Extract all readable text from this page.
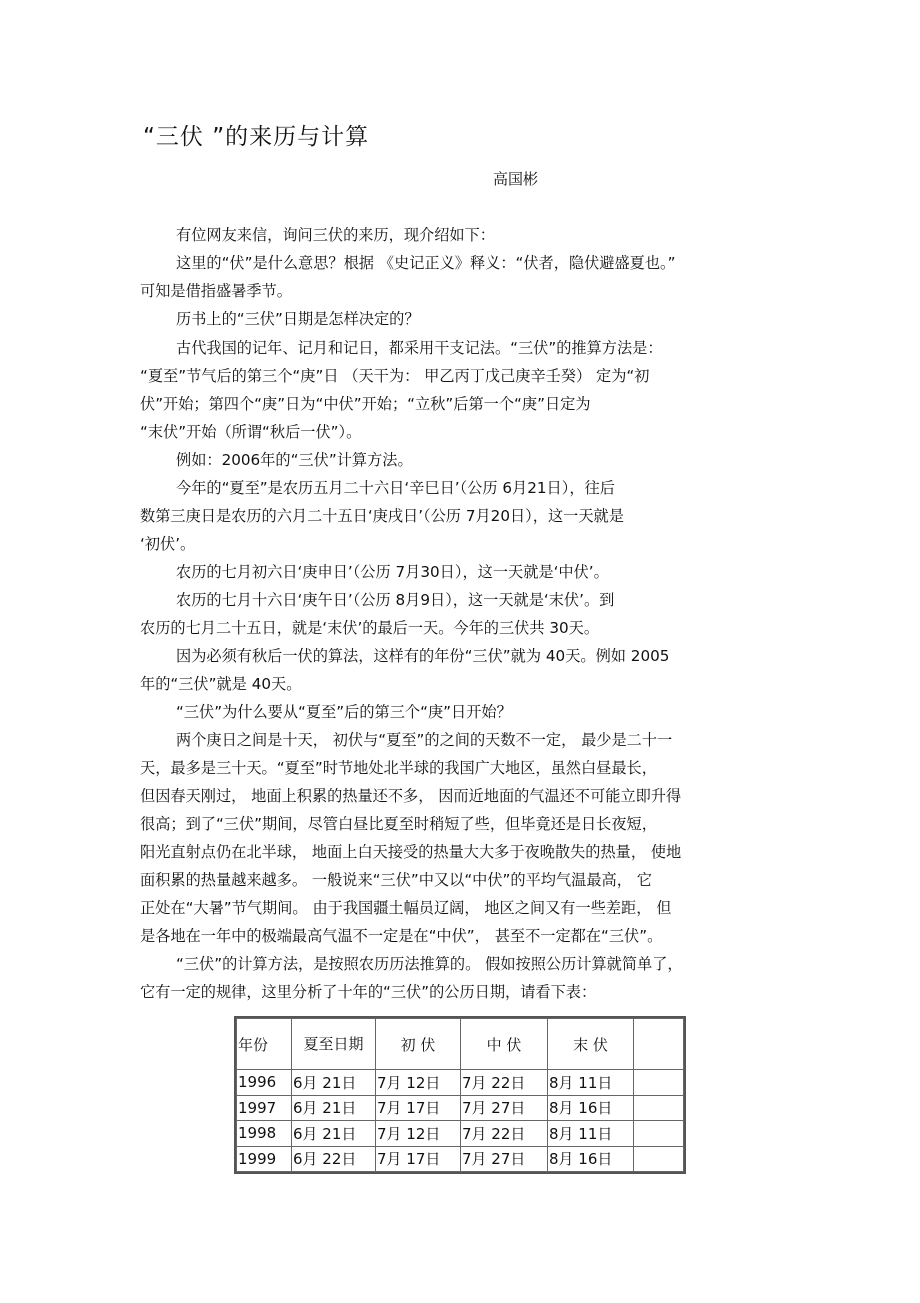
“三伏 ”的来历与计算
高国彬
有位网友来信，询问三伏的来历，现介绍如下：
这里的“伏”是什么意思？根据 《史记正义》释义：“伏者，隐伏避盛夏也。”
可知是借指盛暑季节。
历书上的“三伏”日期是怎样决定的？
古代我国的记年、记月和记日，都采用干支记法。“三伏”的推算方法是：
“夏至”节气后的第三个“庚”日 （天干为： 甲乙丙丁戊己庚辛壬癸） 定为“初
伏”开始；第四个“庚”日为“中伏”开始；“立秋”后第一个“庚”日定为
“末伏”开始（所谓“秋后一伏”）。
例如：2006年的“三伏”计算方法。
今年的“夏至”是农历五月二十六日‘辛巳日’（公历 6月21日），往后
数第三庚日是农历的六月二十五日‘庚戌日’（公历 7月20日），这一天就是
‘初伏’。
农历的七月初六日‘庚申日’（公历 7月30日），这一天就是‘中伏’。
农历的七月十六日‘庚午日’（公历 8月9日），这一天就是‘末伏’。到
农历的七月二十五日，就是‘末伏’的最后一天。今年的三伏共 30天。
因为必须有秋后一伏的算法，这样有的年份“三伏”就为 40天。例如 2005
年的“三伏”就是 40天。
“三伏”为什么要从“夏至”后的第三个“庚”日开始？
两个庚日之间是十天， 初伏与“夏至”的之间的天数不一定， 最少是二十一
天，最多是三十天。“夏至”时节地处北半球的我国广大地区，虽然白昼最长，
但因春天刚过， 地面上积累的热量还不多， 因而近地面的气温还不可能立即升得
很高；到了“三伏”期间，尽管白昼比夏至时稍短了些，但毕竟还是日长夜短，
阳光直射点仍在北半球， 地面上白天接受的热量大大多于夜晚散失的热量， 使地
面积累的热量越来越多。 一般说来“三伏”中又以“中伏”的平均气温最高， 它
正处在“大暑”节气期间。 由于我国疆土幅员辽阔， 地区之间又有一些差距， 但
是各地在一年中的极端最高气温不一定是在“中伏”， 甚至不一定都在“三伏”。
“三伏”的计算方法，是按照农历历法推算的。 假如按照公历计算就简单了，
它有一定的规律，这里分析了十年的“三伏”的公历日期，请看下表：
年份	夏至日期	初 伏	中 伏	末 伏	
1996	6月 21日	7月 12日	7月 22日	8月 11日	
1997	6月 21日	7月 17日	7月 27日	8月 16日	
1998	6月 21日	7月 12日	7月 22日	8月 11日	
1999	6月 22日	7月 17日	7月 27日	8月 16日	
